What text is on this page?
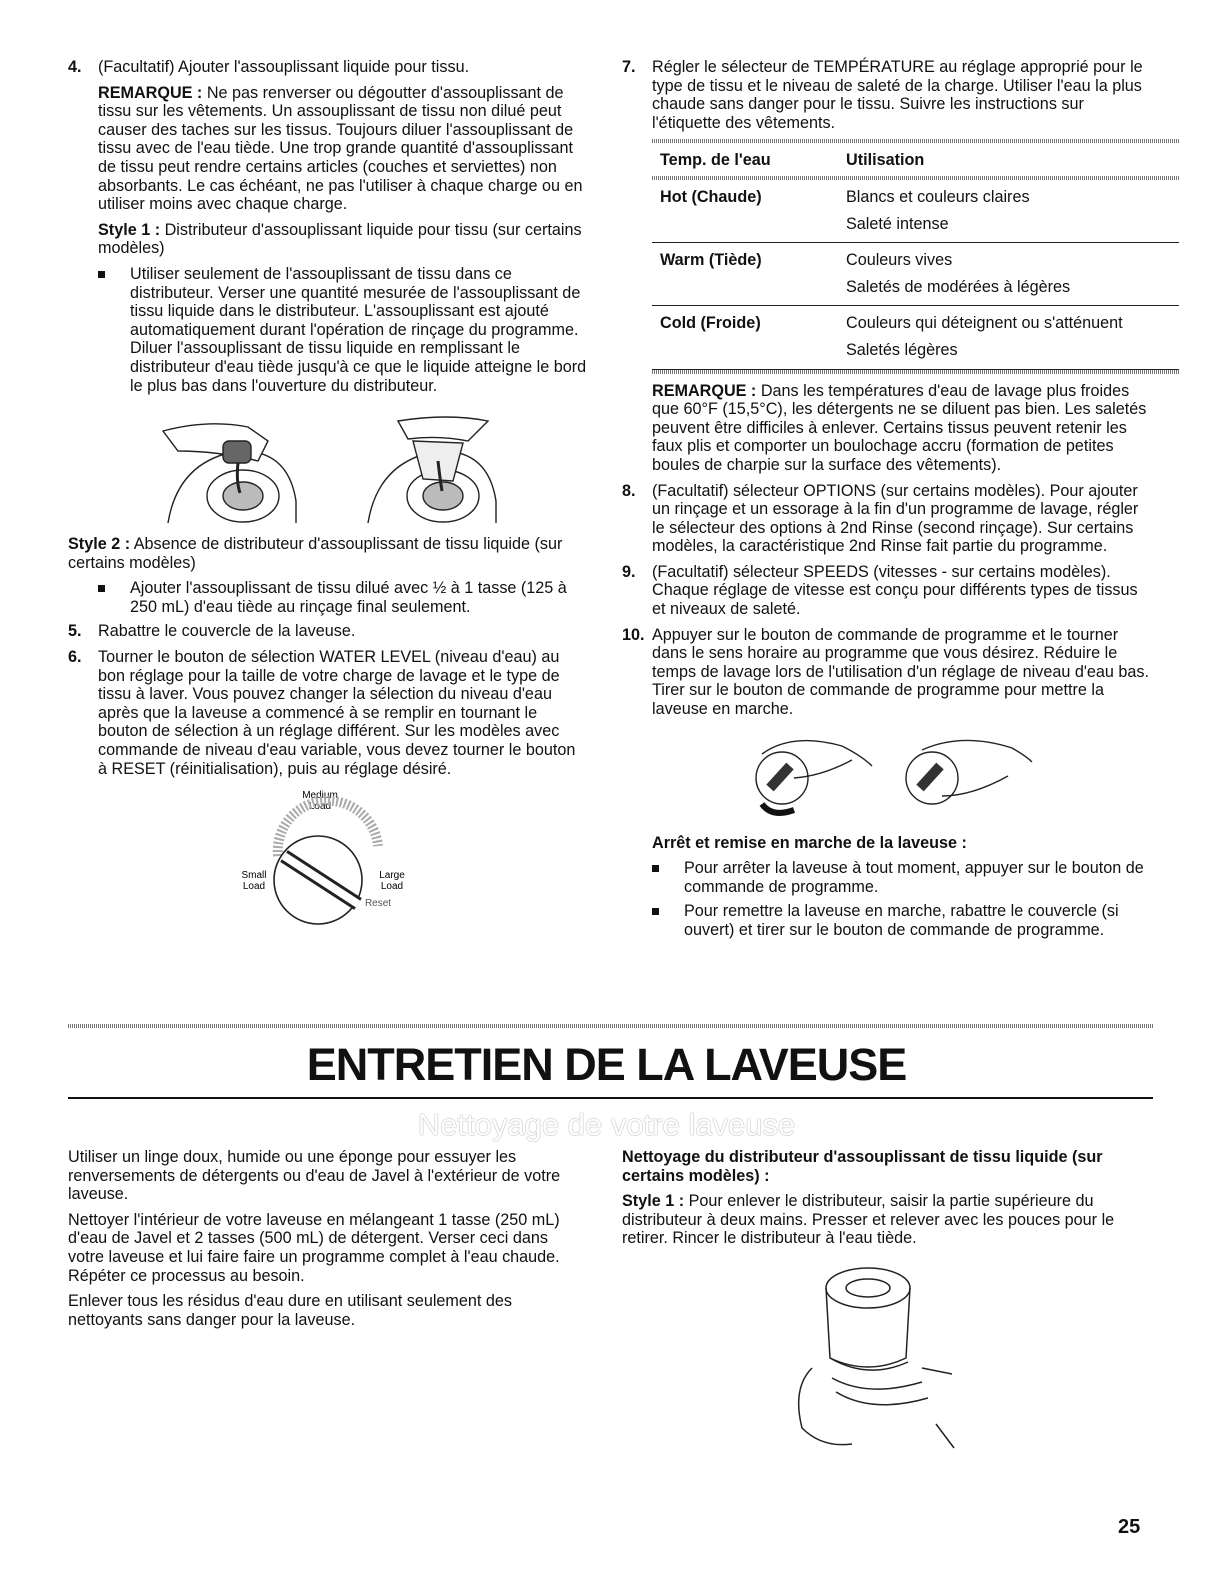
4. (Facultatif) Ajouter l'assouplissant liquide pour tissu.

REMARQUE : Ne pas renverser ou dégoutter d'assouplissant de tissu sur les vêtements. Un assouplissant de tissu non dilué peut causer des taches sur les tissus. Toujours diluer l'assouplissant de tissu avec de l'eau tiède. Une trop grande quantité d'assouplissant de tissu peut rendre certains articles (couches et serviettes) non absorbants. Le cas échéant, ne pas l'utiliser à chaque charge ou en utiliser moins avec chaque charge.

Style 1 : Distributeur d'assouplissant liquide pour tissu (sur certains modèles)

Utiliser seulement de l'assouplissant de tissu dans ce distributeur. Verser une quantité mesurée de l'assouplissant de tissu liquide dans le distributeur. L'assouplissant est ajouté automatiquement durant l'opération de rinçage du programme. Diluer l'assouplissant de tissu liquide en remplissant le distributeur d'eau tiède jusqu'à ce que le liquide atteigne le bord le plus bas dans l'ouverture du distributeur.

Style 2 : Absence de distributeur d'assouplissant de tissu liquide (sur certains modèles)

Ajouter l'assouplissant de tissu dilué avec ½ à 1 tasse (125 à 250 mL) d'eau tiède au rinçage final seulement.
5. Rabattre le couvercle de la laveuse.

6. Tourner le bouton de sélection WATER LEVEL (niveau d'eau) au bon réglage pour la taille de votre charge de lavage et le type de tissu à laver. Vous pouvez changer la sélection du niveau d'eau après que la laveuse a commencé à se remplir en tournant le bouton de sélection à un réglage différent. Sur les modèles avec commande de niveau d'eau variable, vous devez tourner le bouton à RESET (réinitialisation), puis au réglage désiré.

Medium
Load
Small
Load
Large
Load
Reset
7. Régler le sélecteur de TEMPÉRATURE au réglage approprié pour le type de tissu et le niveau de saleté de la charge. Utiliser l'eau la plus chaude sans danger pour le tissu. Suivre les instructions sur l'étiquette des vêtements.

Temp. de l'eau	Utilisation
Hot (Chaude)	Blancs et couleurs claires
Saleté intense
Warm (Tiède)	Couleurs vives
Saletés de modérées à légères
Cold (Froide)	Couleurs qui déteignent ou s'atténuent
Saletés légères

REMARQUE : Dans les températures d'eau de lavage plus froides que 60°F (15,5°C), les détergents ne se diluent pas bien. Les saletés peuvent être difficiles à enlever. Certains tissus peuvent retenir les faux plis et comporter un boulochage accru (formation de petites boules de charpie sur la surface des vêtements).

8. (Facultatif) sélecteur OPTIONS (sur certains modèles). Pour ajouter un rinçage et un essorage à la fin d'un programme de lavage, régler le sélecteur des options à 2nd Rinse (second rinçage). Sur certains modèles, la caractéristique 2nd Rinse fait partie du programme.

9. (Facultatif) sélecteur SPEEDS (vitesses - sur certains modèles). Chaque réglage de vitesse est conçu pour différents types de tissus et niveaux de saleté.

10. Appuyer sur le bouton de commande de programme et le tourner dans le sens horaire au programme que vous désirez. Réduire le temps de lavage lors de l'utilisation d'un réglage de niveau d'eau bas. Tirer sur le bouton de commande de programme pour mettre la laveuse en marche.

Arrêt et remise en marche de la laveuse :

Pour arrêter la laveuse à tout moment, appuyer sur le bouton de commande de programme.
Pour remettre la laveuse en marche, rabattre le couvercle (si ouvert) et tirer sur le bouton de commande de programme.
ENTRETIEN DE LA LAVEUSE
Nettoyage de votre laveuse

Utiliser un linge doux, humide ou une éponge pour essuyer les renversements de détergents ou d'eau de Javel à l'extérieur de votre laveuse.

Nettoyer l'intérieur de votre laveuse en mélangeant 1 tasse (250 mL) d'eau de Javel et 2 tasses (500 mL) de détergent. Verser ceci dans votre laveuse et lui faire faire un programme complet à l'eau chaude. Répéter ce processus au besoin.

Enlever tous les résidus d'eau dure en utilisant seulement des nettoyants sans danger pour la laveuse.

Nettoyage du distributeur d'assouplissant de tissu liquide (sur certains modèles) :

Style 1 : Pour enlever le distributeur, saisir la partie supérieure du distributeur à deux mains. Presser et relever avec les pouces pour le retirer. Rincer le distributeur à l'eau tiède.

25
